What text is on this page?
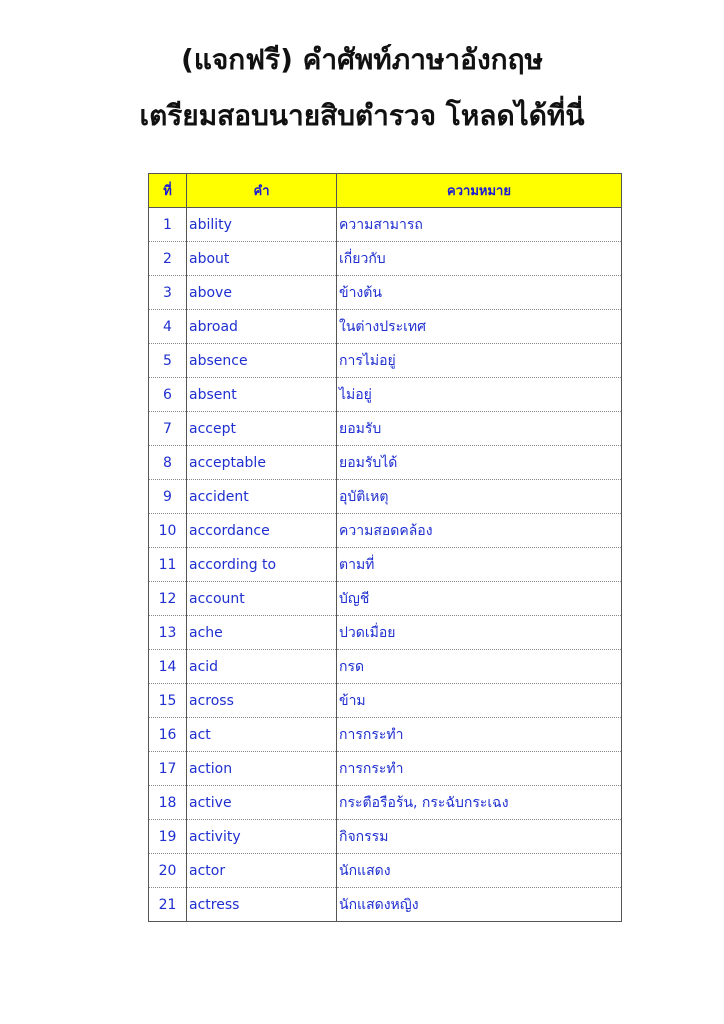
(แจกฟรี) คำศัพท์ภาษาอังกฤษ
เตรียมสอบนายสิบตำรวจ โหลดได้ที่นี่
ที่	คำ	ความหมาย
1	ability	ความสามารถ
2	about	เกี่ยวกับ
3	above	ข้างต้น
4	abroad	ในต่างประเทศ
5	absence	การไม่อยู่
6	absent	ไม่อยู่
7	accept	ยอมรับ
8	acceptable	ยอมรับได้
9	accident	อุบัติเหตุ
10	accordance	ความสอดคล้อง
11	according to	ตามที่
12	account	บัญชี
13	ache	ปวดเมื่อย
14	acid	กรด
15	across	ข้าม
16	act	การกระทำ
17	action	การกระทำ
18	active	กระตือรือร้น, กระฉับกระเฉง
19	activity	กิจกรรม
20	actor	นักแสดง
21	actress	นักแสดงหญิง
